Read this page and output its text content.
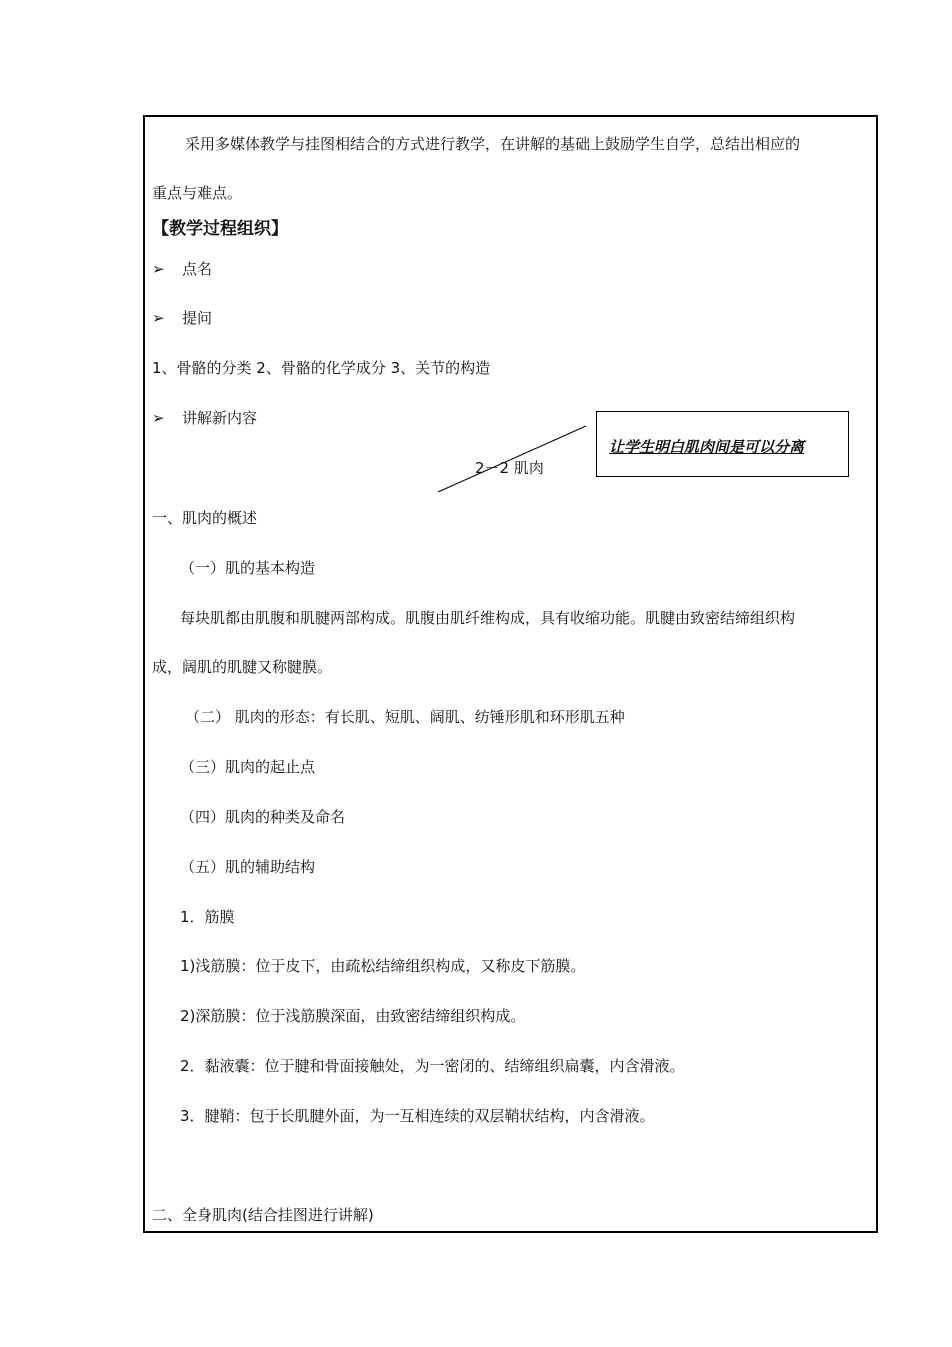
采用多媒体教学与挂图相结合的方式进行教学，在讲解的基础上鼓励学生自学，总结出相应的
重点与难点。
【教学过程组织】
➢ 点名
➢ 提问
1、骨骼的分类 2、骨骼的化学成分 3、关节的构造
➢ 讲解新内容
让学生明白肌肉间是可以分离
2－2 肌肉
一、肌肉的概述
（一）肌的基本构造
每块肌都由肌腹和肌腱两部构成。肌腹由肌纤维构成，具有收缩功能。肌腱由致密结缔组织构
成，阔肌的肌腱又称腱膜。
（二） 肌肉的形态：有长肌、短肌、阔肌、纺锤形肌和环形肌五种
（三）肌肉的起止点
（四）肌肉的种类及命名
（五）肌的辅助结构
1．筋膜
1)浅筋膜：位于皮下，由疏松结缔组织构成，又称皮下筋膜。
2)深筋膜：位于浅筋膜深面，由致密结缔组织构成。
2．黏液囊：位于腱和骨面接触处，为一密闭的、结缔组织扁囊，内含滑液。
3．腱鞘：包于长肌腱外面，为一互相连续的双层鞘状结构，内含滑液。
二、全身肌肉(结合挂图进行讲解)
